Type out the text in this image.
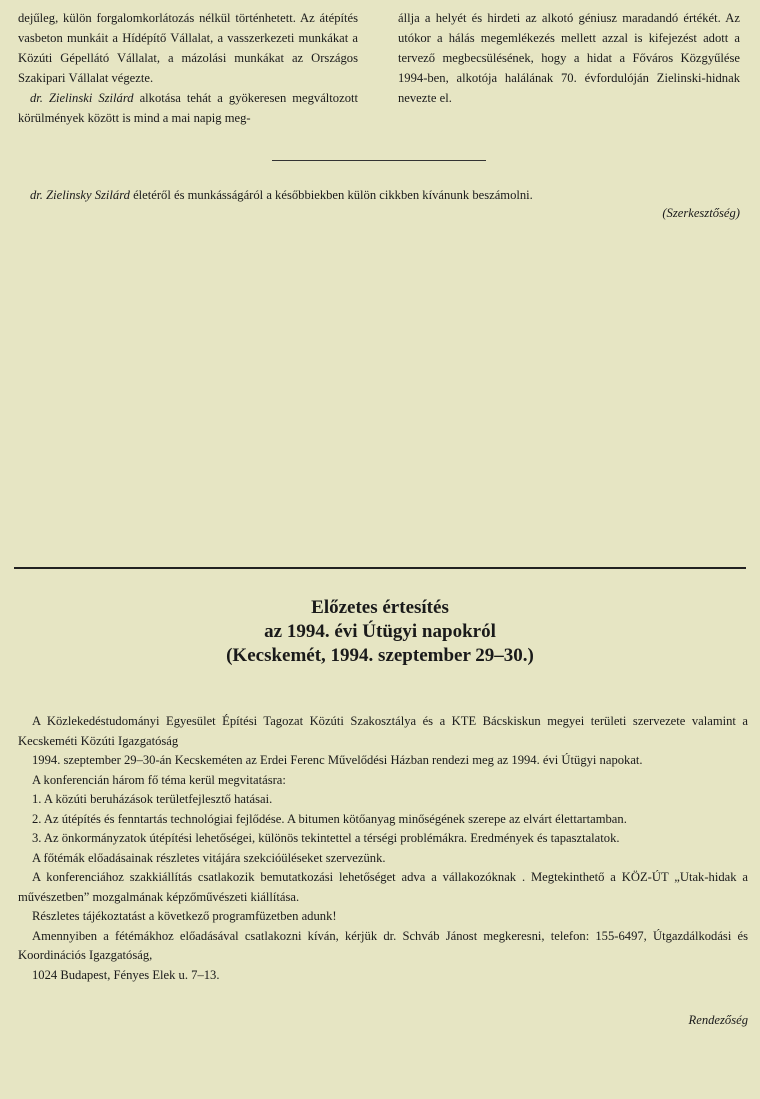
dejűleg, külön forgalomkorlátozás nélkül történhetett. Az átépítés vasbeton munkáit a Hídépítő Vállalat, a vasszerkezeti munkákat a Közúti Gépellátó Vállalat, a mázolási munkákat az Országos Szakipari Vállalat végezte.

dr. Zielinski Szilárd alkotása tehát a gyökeresen megváltozott körülmények között is mind a mai napig meg-

állja a helyét és hirdeti az alkotó géniusz maradandó értékét. Az utókor a hálás megemlékezés mellett azzal is kifejezést adott a tervező megbecsülésének, hogy a hidat a Főváros Közgyűlése 1994-ben, alkotója halálának 70. évfordulóján Zielinski-hidnak nevezte el.

dr. Zielinsky Szilárd életéről és munkásságáról a későbbiekben külön cikkben kívánunk beszámolni.

(Szerkesztőség)
Előzetes értesítés
az 1994. évi Útügyi napokról
(Kecskemét, 1994. szeptember 29–30.)

A Közlekedéstudományi Egyesület Építési Tagozat Közúti Szakosztálya és a KTE Bácskiskun megyei területi szervezete valamint a Kecskeméti Közúti Igazgatóság

1994. szeptember 29–30-án Kecskeméten az Erdei Ferenc Művelődési Házban rendezi meg az 1994. évi Útügyi napokat.

A konferencián három fő téma kerül megvitatásra:

1. A közúti beruházások területfejlesztő hatásai.

2. Az útépítés és fenntartás technológiai fejlődése. A bitumen kötőanyag minőségének szerepe az elvárt élettartamban.

3. Az önkormányzatok útépítési lehetőségei, különös tekintettel a térségi problémákra. Eredmények és tapasztalatok.

A főtémák előadásainak részletes vitájára szekcióüléseket szervezünk.

A konferenciához szakkiállítás csatlakozik bemutatkozási lehetőséget adva a vállakozóknak . Megtekinthető a KÖZ-ÚT „Utak-hidak a művészetben” mozgalmának képzőművészeti kiállítása.

Részletes tájékoztatást a következő programfüzetben adunk!

Amennyiben a fétémákhoz előadásával csatlakozni kíván, kérjük dr. Schváb Jánost megkeresni, telefon: 155-6497, Útgazdálkodási és Koordinációs Igazgatóság,

1024 Budapest, Fényes Elek u. 7–13.

Rendezőség
